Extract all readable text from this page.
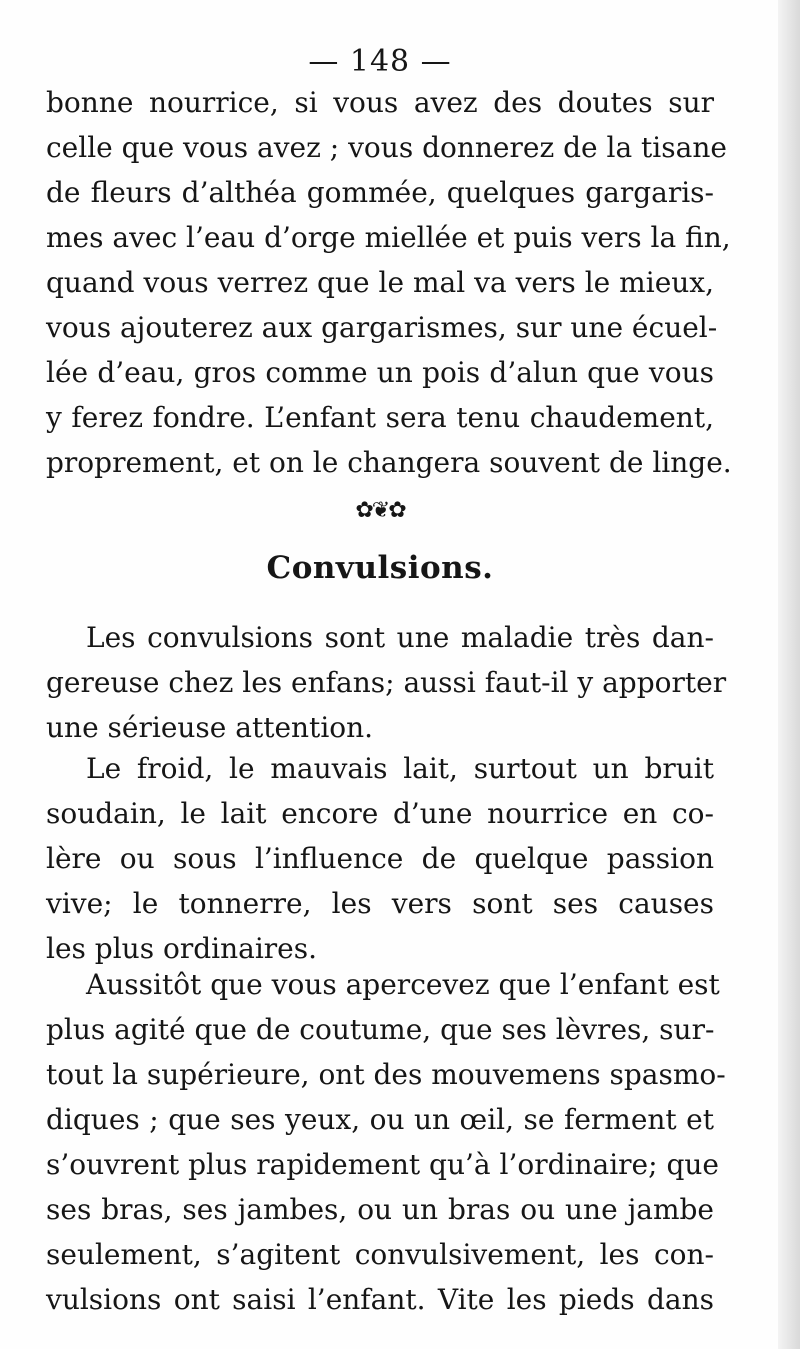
— 148 —
bonne nourrice, si vous avez des doutes sur
celle que vous avez ; vous donnerez de la tisane
de fleurs d’althéa gommée, quelques gargaris-
mes avec l’eau d’orge miellée et puis vers la fin,
quand vous verrez que le mal va vers le mieux,
vous ajouterez aux gargarismes, sur une écuel-
lée d’eau, gros comme un pois d’alun que vous
y ferez fondre. L’enfant sera tenu chaudement,
proprement, et on le changera souvent de linge.
✿❦✿
Convulsions.
Les convulsions sont une maladie très dan-
gereuse chez les enfans; aussi faut-il y apporter
une sérieuse attention.
Le froid, le mauvais lait, surtout un bruit
soudain, le lait encore d’une nourrice en co-
lère ou sous l’influence de quelque passion
vive; le tonnerre, les vers sont ses causes
les plus ordinaires.
Aussitôt que vous apercevez que l’enfant est
plus agité que de coutume, que ses lèvres, sur-
tout la supérieure, ont des mouvemens spasmo-
diques ; que ses yeux, ou un œil, se ferment et
s’ouvrent plus rapidement qu’à l’ordinaire; que
ses bras, ses jambes, ou un bras ou une jambe
seulement, s’agitent convulsivement, les con-
vulsions ont saisi l’enfant. Vite les pieds dans
